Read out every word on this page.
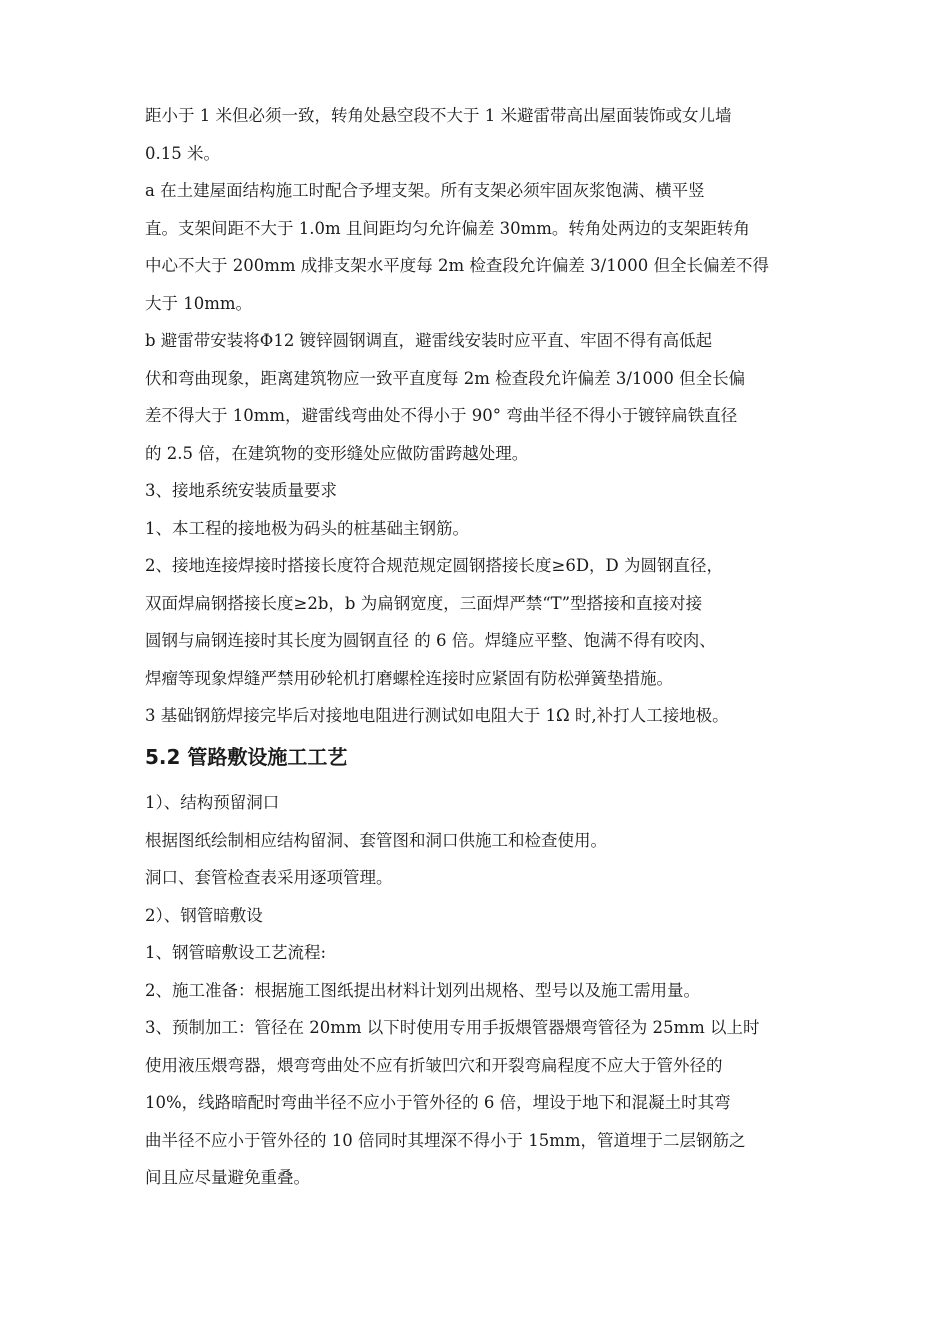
距小于 1 米但必须一致，转角处悬空段不大于 1 米避雷带高出屋面装饰或女儿墙
0.15 米。
a 在土建屋面结构施工时配合予埋支架。所有支架必须牢固灰浆饱满、横平竖
直。支架间距不大于 1.0m 且间距均匀允许偏差 30mm。转角处两边的支架距转角
中心不大于 200mm 成排支架水平度每 2m 检查段允许偏差 3/1000 但全长偏差不得
大于 10mm。
b 避雷带安装将Φ12 镀锌圆钢调直，避雷线安装时应平直、牢固不得有高低起
伏和弯曲现象，距离建筑物应一致平直度每 2m 检查段允许偏差 3/1000 但全长偏
差不得大于 10mm，避雷线弯曲处不得小于 90° 弯曲半径不得小于镀锌扁铁直径
的 2.5 倍，在建筑物的变形缝处应做防雷跨越处理。
3、接地系统安装质量要求
1、本工程的接地极为码头的桩基础主钢筋。
2、接地连接焊接时搭接长度符合规范规定圆钢搭接长度≥6D，D 为圆钢直径，
双面焊扁钢搭接长度≥2b，b 为扁钢宽度，三面焊严禁“T”型搭接和直接对接
圆钢与扁钢连接时其长度为圆钢直径 的 6 倍。焊缝应平整、饱满不得有咬肉、
焊瘤等现象焊缝严禁用砂轮机打磨螺栓连接时应紧固有防松弹簧垫措施。
3 基础钢筋焊接完毕后对接地电阻进行测试如电阻大于 1Ω 时,补打人工接地极。
5.2 管路敷设施工工艺
1）、结构预留洞口
根据图纸绘制相应结构留洞、套管图和洞口供施工和检查使用。
洞口、套管检查表采用逐项管理。
2）、钢管暗敷设
1、钢管暗敷设工艺流程:
2、施工准备：根据施工图纸提出材料计划列出规格、型号以及施工需用量。
3、预制加工：管径在 20mm 以下时使用专用手扳煨管器煨弯管径为 25mm 以上时
使用液压煨弯器，煨弯弯曲处不应有折皱凹穴和开裂弯扁程度不应大于管外径的
10%，线路暗配时弯曲半径不应小于管外径的 6 倍，埋设于地下和混凝土时其弯
曲半径不应小于管外径的 10 倍同时其埋深不得小于 15mm，管道埋于二层钢筋之
间且应尽量避免重叠。
